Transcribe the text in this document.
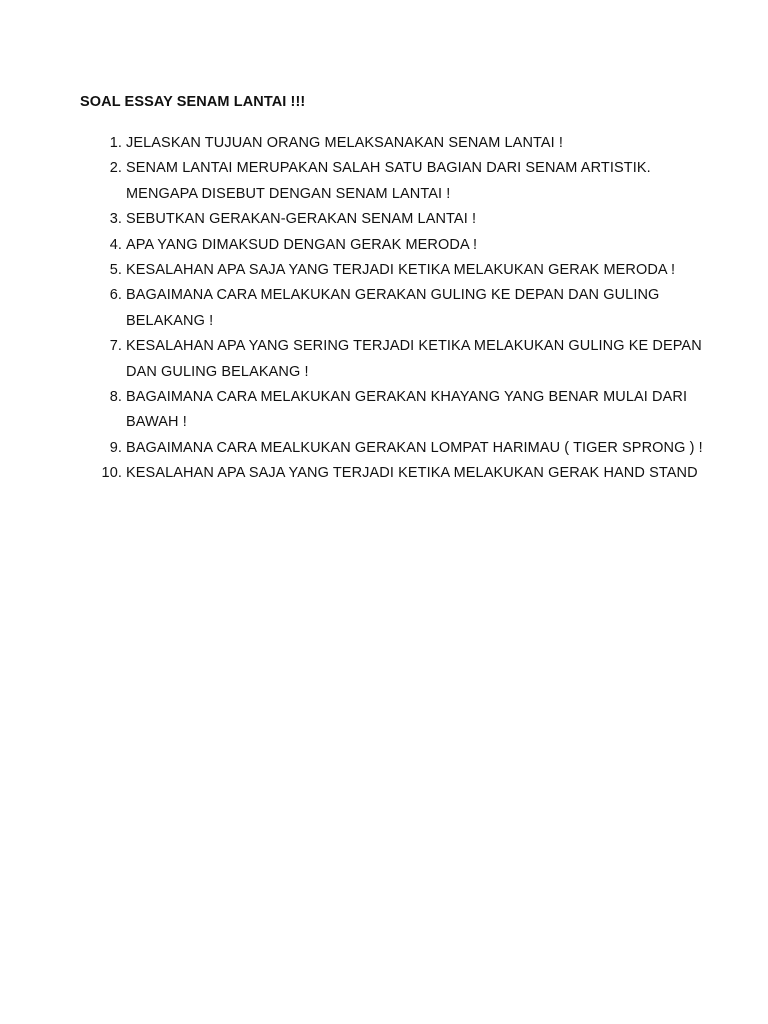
SOAL ESSAY SENAM LANTAI !!!
1. JELASKAN TUJUAN ORANG MELAKSANAKAN SENAM LANTAI !
2. SENAM LANTAI MERUPAKAN SALAH SATU BAGIAN DARI SENAM ARTISTIK.
MENGAPA DISEBUT DENGAN SENAM LANTAI !
3. SEBUTKAN GERAKAN-GERAKAN SENAM LANTAI !
4. APA YANG DIMAKSUD DENGAN GERAK MERODA !
5. KESALAHAN APA SAJA YANG TERJADI KETIKA MELAKUKAN GERAK MERODA !
6. BAGAIMANA CARA MELAKUKAN GERAKAN GULING KE DEPAN DAN GULING
BELAKANG !
7. KESALAHAN APA YANG SERING TERJADI KETIKA MELAKUKAN GULING KE DEPAN
DAN GULING BELAKANG !
8. BAGAIMANA CARA MELAKUKAN GERAKAN KHAYANG YANG BENAR MULAI DARI
BAWAH !
9. BAGAIMANA CARA MEALKUKAN GERAKAN LOMPAT HARIMAU ( TIGER SPRONG ) !
10. KESALAHAN APA SAJA YANG TERJADI KETIKA MELAKUKAN GERAK HAND STAND
